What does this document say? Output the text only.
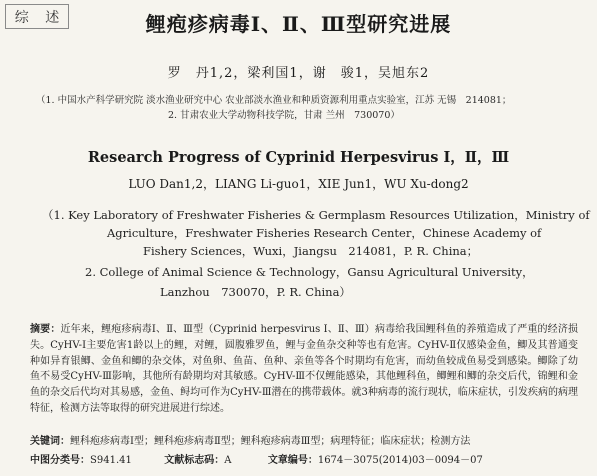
综 述	鲤疱疹病毒Ⅰ、Ⅱ、Ⅲ型研究进展
罗　丹1,2，梁利国1，谢　骏1，吴旭东2
（1. 中国水产科学研究院 淡水渔业研究中心 农业部淡水渔业和种质资源利用重点实验室，江苏 无锡　214081；
2. 甘肃农业大学动物科技学院，甘肃 兰州　730070）
Research Progress of Cyprinid Herpesvirus Ⅰ，Ⅱ，Ⅲ
LUO Dan1,2，LIANG Li-guo1，XIE Jun1，WU Xu-dong2
（1. Key Laboratory of Freshwater Fisheries & Germplasm Resources Utilization，Ministry of
Agriculture，Freshwater Fisheries Research Center，Chinese Academy of
Fishery Sciences，Wuxi，Jiangsu　214081，P. R. China；
2. College of Animal Science & Technology，Gansu Agricultural University，
Lanzhou　730070，P. R. China）
摘要：近年来，鲤疱疹病毒Ⅰ、Ⅱ、Ⅲ型（Cyprinid herpesvirus Ⅰ、Ⅱ、Ⅲ）病毒给我国鲤科鱼的养殖造成了严重的经济损失。CyHV-Ⅰ主要危害1龄以上的鲤，对鲤，圆腹雅罗鱼，鲤与金鱼杂交种等也有危害。CyHV-Ⅱ仅感染金鱼，鲫及其普通变种如异育银鲫、金鱼和鲫的杂交体，对鱼卵、鱼苗、鱼种、亲鱼等各个时期均有危害，而幼鱼较成鱼易受到感染。鲫除了幼鱼不易受CyHV-Ⅲ影响，其他所有龄期均对其敏感。CyHV-Ⅲ不仅鲤能感染，其他鲤科鱼，鲫鲤和鲫的杂交后代，锦鲤和金鱼的杂交后代均对其易感，金鱼、鲟均可作为CyHV-Ⅲ潜在的携带载体。就3种病毒的流行现状，临床症状，引发疾病的病理特征，检测方法等取得的研究进展进行综述。
关键词：鲤科疱疹病毒Ⅰ型；鲤科疱疹病毒Ⅱ型；鲤科疱疹病毒Ⅲ型；病理特征；临床症状；检测方法
中图分类号：S941.41	文献标志码：A	文章编号：1674－3075(2014)03－0094－07
